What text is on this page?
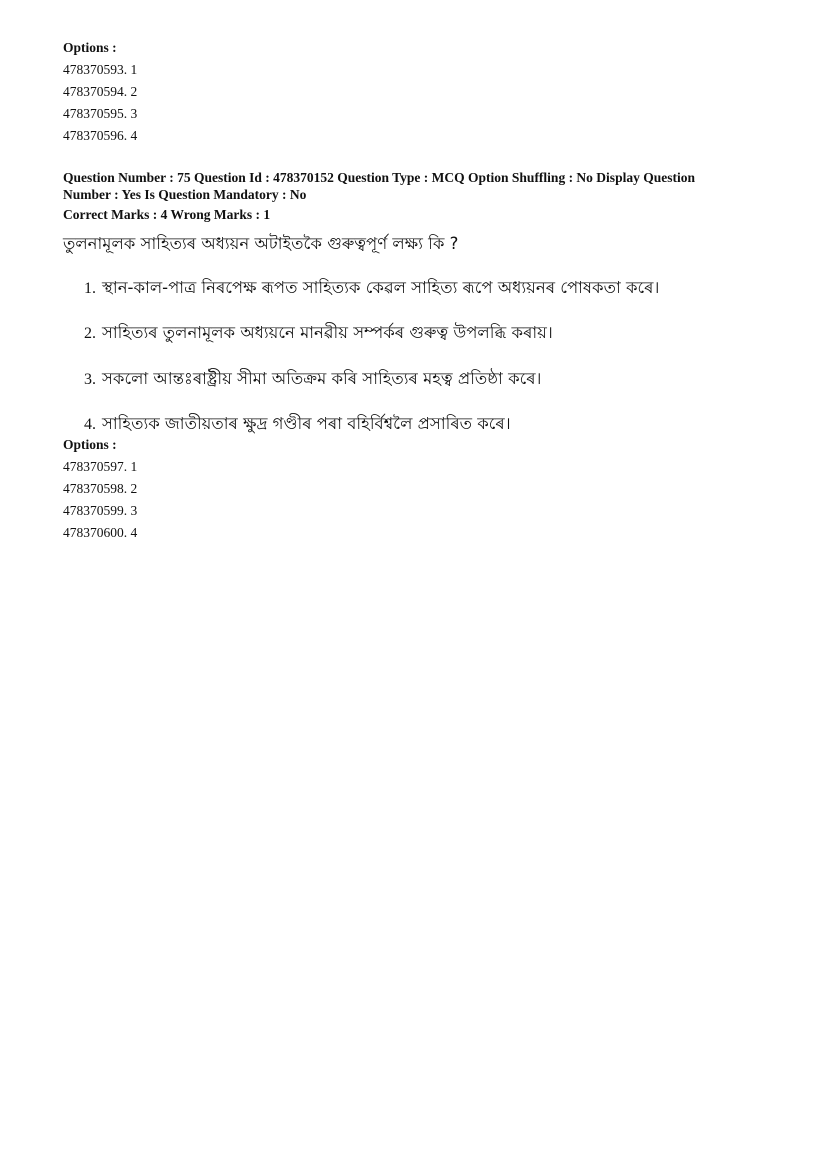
Options :
478370593. 1
478370594. 2
478370595. 3
478370596. 4
Question Number : 75 Question Id : 478370152 Question Type : MCQ Option Shuffling : No Display Question
Number : Yes Is Question Mandatory : No
Correct Marks : 4 Wrong Marks : 1
তুলনামূলক সাহিত্যৰ অধ্যয়ন অটাইতকৈ গুৰুত্বপূৰ্ণ লক্ষ্য কি ?
1. স্থান-কাল-পাত্ৰ নিৰপেক্ষ ৰূপত সাহিত্যক কেৱল সাহিত্য ৰূপে অধ্যয়নৰ পোষকতা কৰে।
2. সাহিত্যৰ তুলনামূলক অধ্যয়নে মানৱীয় সম্পৰ্কৰ গুৰুত্ব উপলব্ধি কৰায়।
3. সকলো আন্তঃৰাষ্ট্ৰীয় সীমা অতিক্ৰম কৰি সাহিত্যৰ মহত্ব প্ৰতিষ্ঠা কৰে।
4. সাহিত্যক জাতীয়তাৰ ক্ষুদ্ৰ গণ্ডীৰ পৰা বহিৰ্বিশ্বলৈ প্ৰসাৰিত কৰে।
Options :
478370597. 1
478370598. 2
478370599. 3
478370600. 4
